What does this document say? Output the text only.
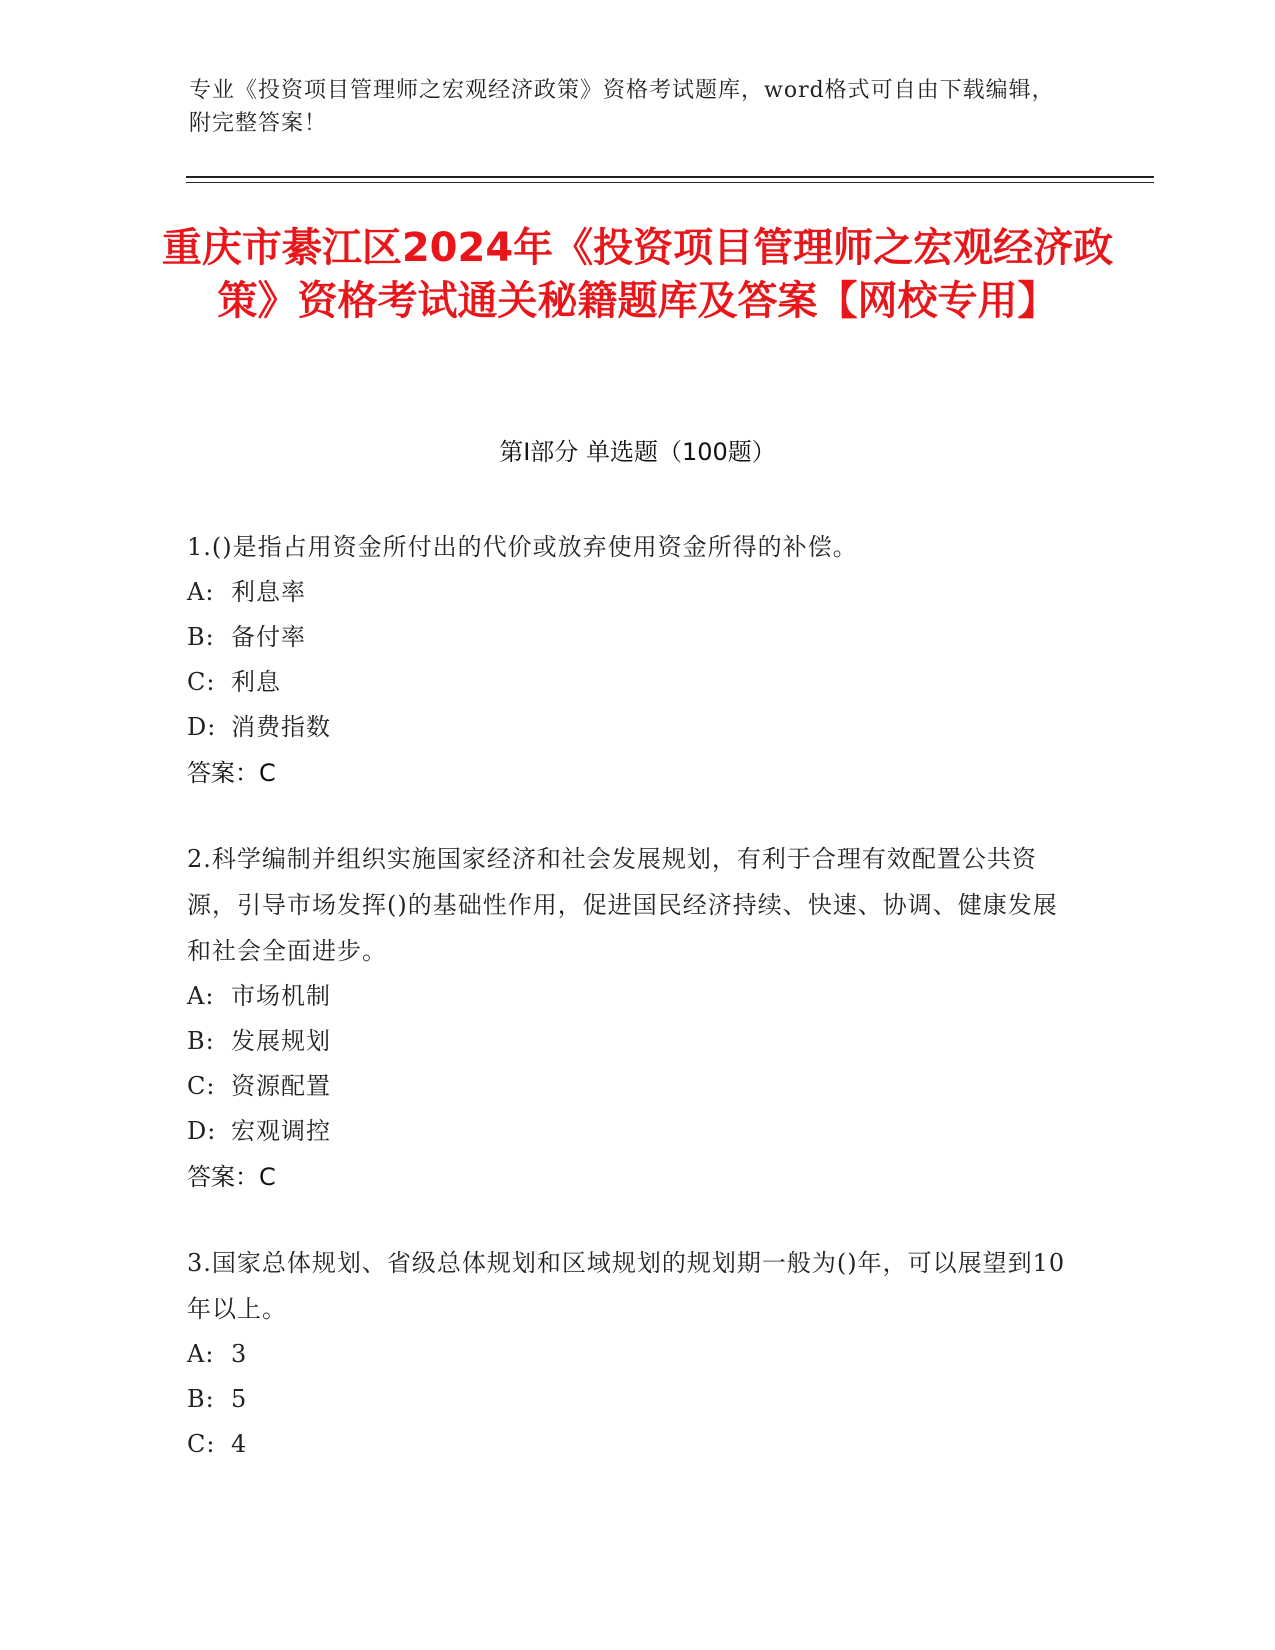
专业《投资项目管理师之宏观经济政策》资格考试题库，word格式可自由下载编辑，附完整答案！
重庆市綦江区2024年《投资项目管理师之宏观经济政策》资格考试通关秘籍题库及答案【网校专用】
第Ⅰ部分 单选题（100题）
1.()是指占用资金所付出的代价或放弃使用资金所得的补偿。
A: 利息率
B: 备付率
C: 利息
D: 消费指数
答案：C
2.科学编制并组织实施国家经济和社会发展规划，有利于合理有效配置公共资源，引导市场发挥()的基础性作用，促进国民经济持续、快速、协调、健康发展和社会全面进步。
A: 市场机制
B: 发展规划
C: 资源配置
D: 宏观调控
答案：C
3.国家总体规划、省级总体规划和区域规划的规划期一般为()年，可以展望到10年以上。
A: 3
B: 5
C: 4
